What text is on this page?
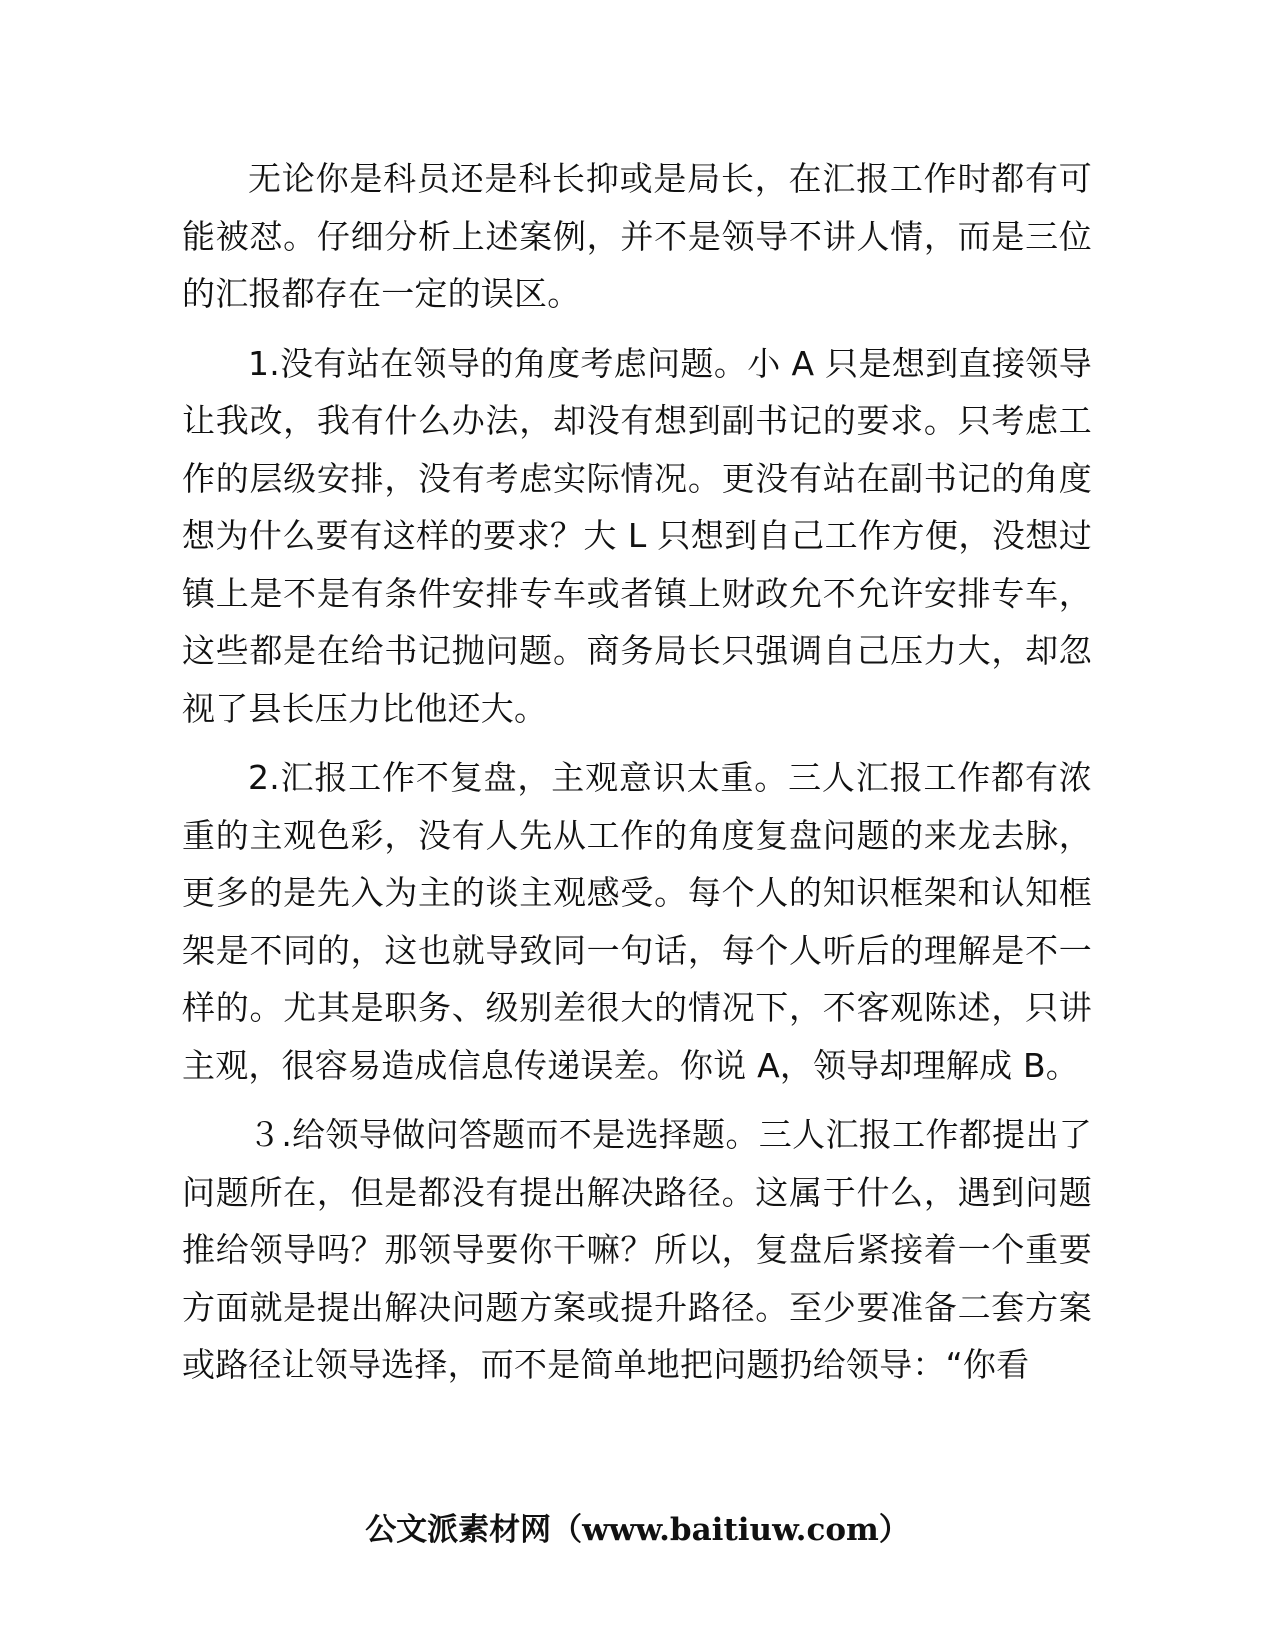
无论你是科员还是科长抑或是局长，在汇报工作时都有可能被怼。仔细分析上述案例，并不是领导不讲人情，而是三位的汇报都存在一定的误区。

1.没有站在领导的角度考虑问题。小 A 只是想到直接领导让我改，我有什么办法，却没有想到副书记的要求。只考虑工作的层级安排，没有考虑实际情况。更没有站在副书记的角度想为什么要有这样的要求？大 L 只想到自己工作方便，没想过镇上是不是有条件安排专车或者镇上财政允不允许安排专车，这些都是在给书记抛问题。商务局长只强调自己压力大，却忽视了县长压力比他还大。

2.汇报工作不复盘，主观意识太重。三人汇报工作都有浓重的主观色彩，没有人先从工作的角度复盘问题的来龙去脉，更多的是先入为主的谈主观感受。每个人的知识框架和认知框架是不同的，这也就导致同一句话，每个人听后的理解是不一样的。尤其是职务、级别差很大的情况下，不客观陈述，只讲主观，很容易造成信息传递误差。你说 A，领导却理解成 B。

３.给领导做问答题而不是选择题。三人汇报工作都提出了问题所在，但是都没有提出解决路径。这属于什么，遇到问题推给领导吗？那领导要你干嘛？所以，复盘后紧接着一个重要方面就是提出解决问题方案或提升路径。至少要准备二套方案或路径让领导选择，而不是简单地把问题扔给领导：“你看

公文派素材网（www.baitiuw.com）
